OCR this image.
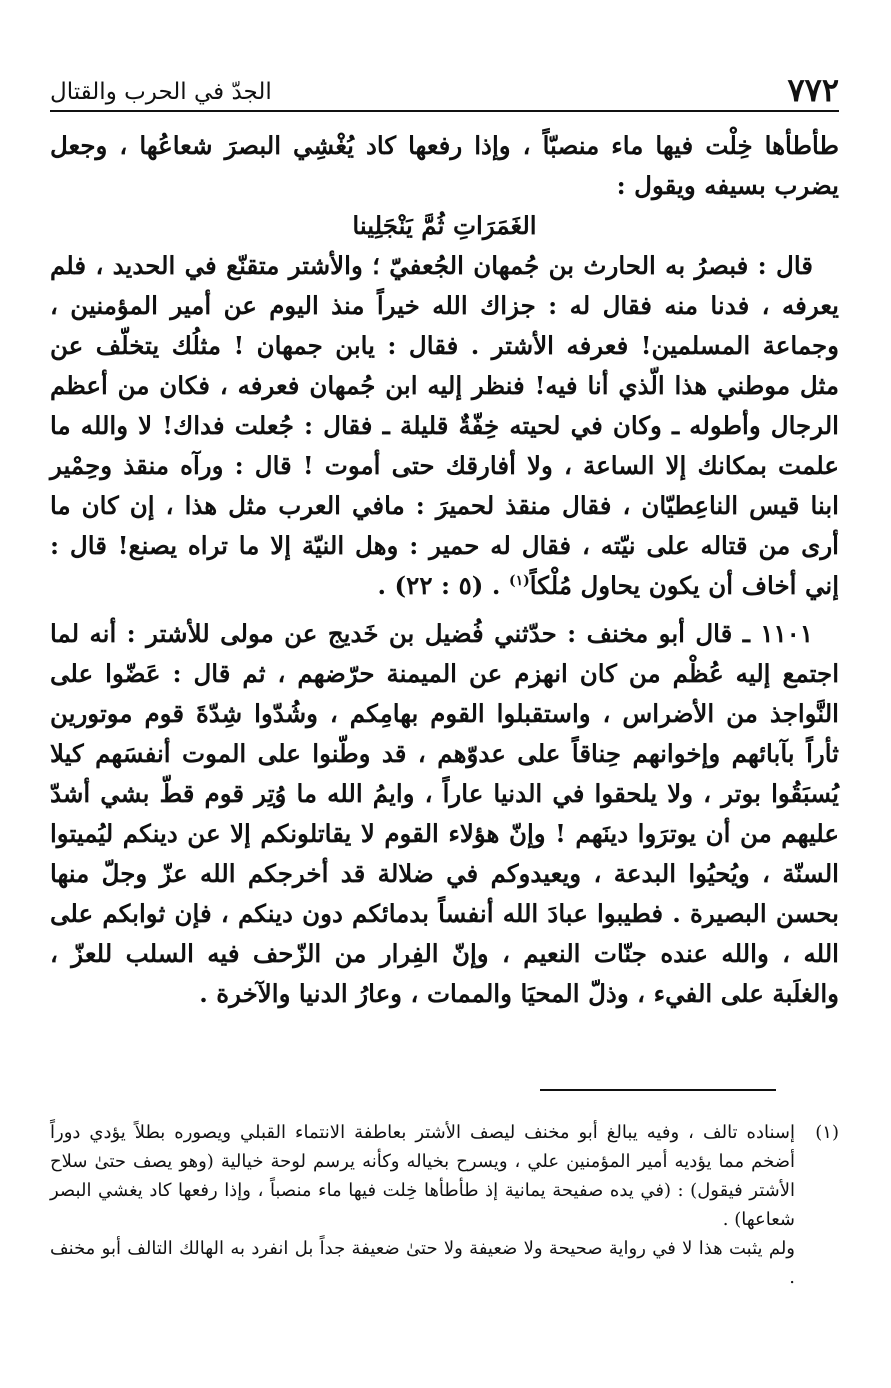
٧٧٢
الجدّ في الحرب والقتال

طأطأها خِلْت فيها ماء منصبّاً ، وإذا رفعها كاد يُغْشِي البصرَ شعاعُها ، وجعل يضرب بسيفه ويقول :

الغَمَرَاتِ ثُمَّ يَنْجَلِينا

قال : فبصرُ به الحارث بن جُمهان الجُعفيّ ؛ والأشتر متقنّع في الحديد ، فلم يعرفه ، فدنا منه فقال له : جزاك الله خيراً منذ اليوم عن أمير المؤمنين ، وجماعة المسلمين! فعرفه الأشتر . فقال : يابن جمهان ! مثلُك يتخلّف عن مثل موطني هذا الّذي أنا فيه! فنظر إليه ابن جُمهان فعرفه ، فكان من أعظم الرجال وأطوله ـ وكان في لحيته خِفّةٌ قليلة ـ فقال : جُعلت فداك! لا والله ما علمت بمكانك إلا الساعة ، ولا أفارقك حتى أموت ! قال : ورآه منقذ وحِمْير ابنا قيس الناعِطيّان ، فقال منقذ لحميرَ : مافي العرب مثل هذا ، إن كان ما أرى من قتاله على نيّته ، فقال له حمير : وهل النيّة إلا ما تراه يصنع! قال : إني أخاف أن يكون يحاول مُلْكاً$^{(١)}$ . (٥ : ٢٢) .

١١٠١ ـ قال أبو مخنف : حدّثني فُضيل بن خَديج عن مولى للأشتر : أنه لما اجتمع إليه عُظْم من كان انهزم عن الميمنة حرّضهم ، ثم قال : عَضّوا على النَّواجذ من الأضراس ، واستقبلوا القوم بهامِكم ، وشُدّوا شِدّةَ قوم موتورين ثأراً بآبائهم وإخوانهم حِناقاً على عدوّهم ، قد وطّنوا على الموت أنفسَهم كيلا يُسبَقُوا بوتر ، ولا يلحقوا في الدنيا عاراً ، وايمُ الله ما وُتِر قوم قطّ بشي أشدّ عليهم من أن يوترَوا دينَهم ! وإنّ هؤلاء القوم لا يقاتلونكم إلا عن دينكم ليُميتوا السنّة ، ويُحيُوا البدعة ، ويعيدوكم في ضلالة قد أخرجكم الله عزّ وجلّ منها بحسن البصيرة . فطيبوا عبادَ الله أنفساً بدمائكم دون دينكم ، فإن ثوابكم على الله ، والله عنده جنّات النعيم ، وإنّ الفِرار من الزّحف فيه السلب للعزّ ، والغلَبة على الفيء ، وذلّ المحيَا والممات ، وعارُ الدنيا والآخرة .

(١)

إسناده تالف ، وفيه يبالغ أبو مخنف ليصف الأشتر بعاطفة الانتماء القبلي ويصوره بطلاً يؤدي دوراً أضخم مما يؤديه أمير المؤمنين علي ، ويسرح بخياله وكأنه يرسم لوحة خيالية (وهو يصف حتىٰ سلاح الأشتر فيقول) : (في يده صفيحة يمانية إذ طأطأها خِلت فيها ماء منصباً ، وإذا رفعها كاد يغشي البصر شعاعها) .

ولم يثبت هذا لا في رواية صحيحة ولا ضعيفة ولا حتىٰ ضعيفة جداً بل انفرد به الهالك التالف أبو مخنف .
